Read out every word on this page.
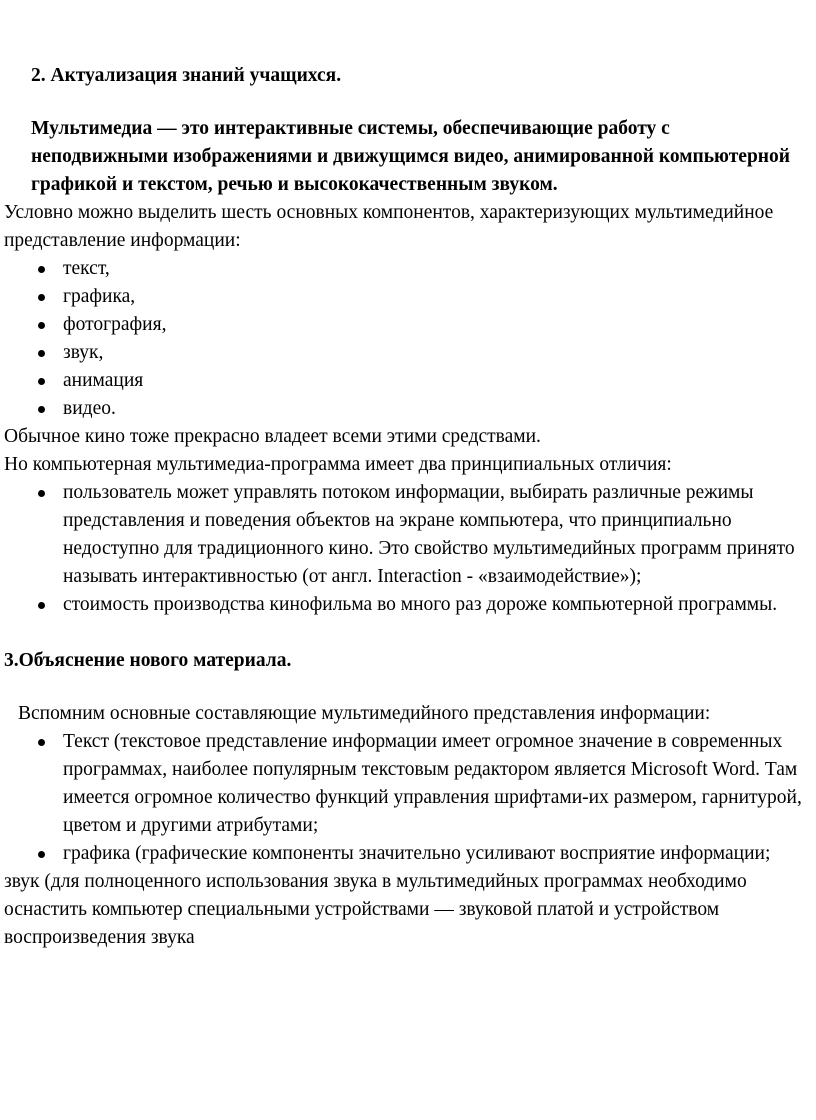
2. Актуализация знаний учащихся.

Мультимедиа — это интерактивные системы, обеспечивающие работу с неподвижными изображениями и движущимся видео, анимированной компьютерной графикой и текстом, речью и высококачественным звуком.

Условно можно выделить шесть основных компонентов, характеризующих мультимедийное представление информации:

текст,
графика,
фотография,
звук,
анимация
видео.

Обычное кино тоже прекрасно владеет всеми этими средствами.

Но компьютерная мультимедиа-программа имеет два принципиальных отличия:

пользователь может управлять потоком информации, выбирать различные режимы представления и поведения объектов на экране компьютера, что принципиально недоступно для традиционного кино. Это свойство мультимедийных программ принято называть интерактивностью (от англ. Interaction - «взаимодействие»);
стоимость производства кинофильма во много раз дороже компьютерной программы.

3.Объяснение нового материала.

Вспомним основные составляющие мультимедийного представления информации:

Текст (текстовое представление информации имеет огромное значение в современных программах, наиболее популярным текстовым редактором является Microsoft Word. Там имеется огромное количество функций управления шрифтами-их размером, гарнитурой, цветом и другими атрибутами;
графика (графические компоненты значительно усиливают восприятие информации;

звук (для полноценного использования звука в мультимедийных программах необходимо оснастить компьютер специальными устройствами — звуковой платой и устройством воспроизведения звука
